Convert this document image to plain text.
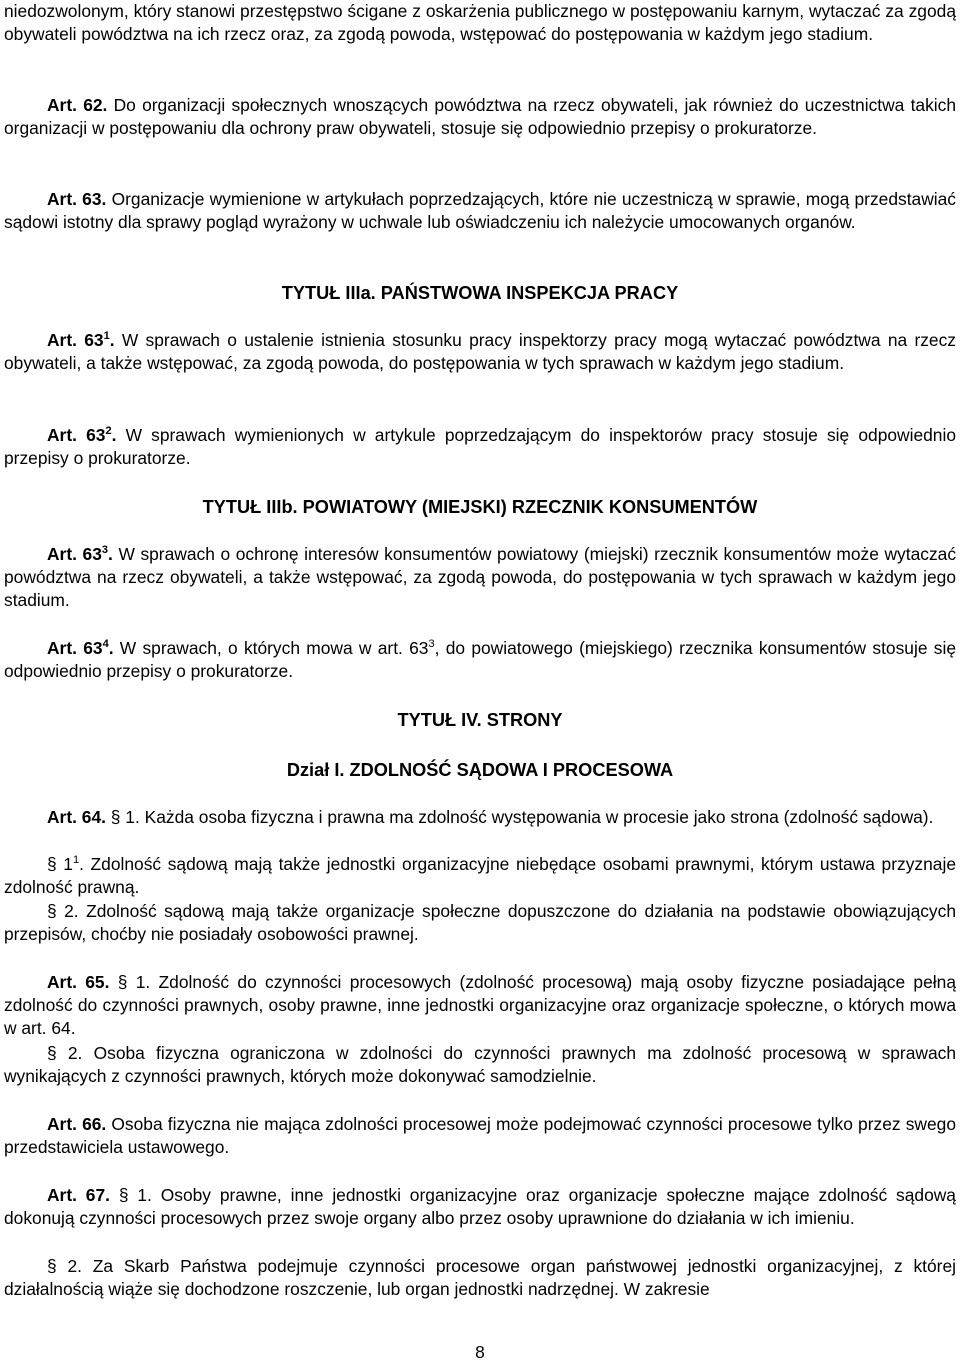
niedozwolonym, który stanowi przestępstwo ścigane z oskarżenia publicznego w postępowaniu karnym, wytaczać za zgodą obywateli powództwa na ich rzecz oraz, za zgodą powoda, wstępować do postępowania w każdym jego stadium.

Art. 62. Do organizacji społecznych wnoszących powództwa na rzecz obywateli, jak również do uczestnictwa takich organizacji w postępowaniu dla ochrony praw obywateli, stosuje się odpowiednio przepisy o prokuratorze.

Art. 63. Organizacje wymienione w artykułach poprzedzających, które nie uczestniczą w sprawie, mogą przedstawiać sądowi istotny dla sprawy pogląd wyrażony w uchwale lub oświadczeniu ich należycie umocowanych organów.

TYTUŁ IIIa. PAŃSTWOWA INSPEKCJA PRACY

Art. $63^1$. W sprawach o ustalenie istnienia stosunku pracy inspektorzy pracy mogą wytaczać powództwa na rzecz obywateli, a także wstępować, za zgodą powoda, do postępowania w tych sprawach w każdym jego stadium.

Art. $63^2$. W sprawach wymienionych w artykule poprzedzającym do inspektorów pracy stosuje się odpowiednio przepisy o prokuratorze.

TYTUŁ IIIb. POWIATOWY (MIEJSKI) RZECZNIK KONSUMENTÓW

Art. $63^3$. W sprawach o ochronę interesów konsumentów powiatowy (miejski) rzecznik konsumentów może wytaczać powództwa na rzecz obywateli, a także wstępować, za zgodą powoda, do postępowania w tych sprawach w każdym jego stadium.

Art. $63^4$. W sprawach, o których mowa w art. $63^3$, do powiatowego (miejskiego) rzecznika konsumentów stosuje się odpowiednio przepisy o prokuratorze.

TYTUŁ IV. STRONY

Dział I. ZDOLNOŚĆ SĄDOWA I PROCESOWA

Art. 64. § 1. Każda osoba fizyczna i prawna ma zdolność występowania w procesie jako strona (zdolność sądowa).

§ $1^1$. Zdolność sądową mają także jednostki organizacyjne niebędące osobami prawnymi, którym ustawa przyznaje zdolność prawną.

§ 2. Zdolność sądową mają także organizacje społeczne dopuszczone do działania na podstawie obowiązujących przepisów, choćby nie posiadały osobowości prawnej.

Art. 65. § 1. Zdolność do czynności procesowych (zdolność procesową) mają osoby fizyczne posiadające pełną zdolność do czynności prawnych, osoby prawne, inne jednostki organizacyjne oraz organizacje społeczne, o których mowa w art. 64.

§ 2. Osoba fizyczna ograniczona w zdolności do czynności prawnych ma zdolność procesową w sprawach wynikających z czynności prawnych, których może dokonywać samodzielnie.

Art. 66. Osoba fizyczna nie mająca zdolności procesowej może podejmować czynności procesowe tylko przez swego przedstawiciela ustawowego.

Art. 67. § 1. Osoby prawne, inne jednostki organizacyjne oraz organizacje społeczne mające zdolność sądową dokonują czynności procesowych przez swoje organy albo przez osoby uprawnione do działania w ich imieniu.

§ 2. Za Skarb Państwa podejmuje czynności procesowe organ państwowej jednostki organizacyjnej, z której działalnością wiąże się dochodzone roszczenie, lub organ jednostki nadrzędnej. W zakresie

8
